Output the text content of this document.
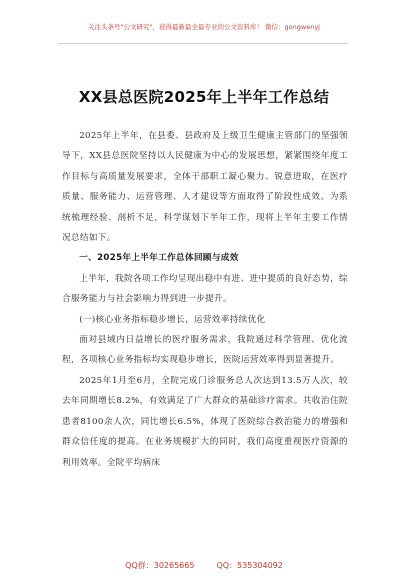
关注头条号"公文研究"，获得最新最全最专业的公文资料库！ 微信：gongwenyj
XX县总医院2025年上半年工作总结

2025年上半年，在县委、县政府及上级卫生健康主管部门的坚强领导下，XX县总医院坚持以人民健康为中心的发展思想，紧紧围绕年度工作目标与高质量发展要求，全体干部职工凝心聚力、锐意进取，在医疗质量、服务能力、运营管理、人才建设等方面取得了阶段性成效。为系统梳理经验、剖析不足，科学谋划下半年工作，现将上半年主要工作情况总结如下。

一、2025年上半年工作总体回顾与成效

上半年，我院各项工作均呈现出稳中有进、进中提质的良好态势，综合服务能力与社会影响力得到进一步提升。

(一)核心业务指标稳步增长，运营效率持续优化

面对县域内日益增长的医疗服务需求，我院通过科学管理、优化流程，各项核心业务指标均实现稳步增长，医院运营效率得到显著提升。

2025年1月至6月，全院完成门诊服务总人次达到13.5万人次，较去年同期增长8.2%，有效满足了广大群众的基础诊疗需求。共收治住院患者8100余人次，同比增长6.5%，体现了医院综合救治能力的增强和群众信任度的提高。在业务规模扩大的同时，我们高度重视医疗资源的利用效率。全院平均病床

QQ群：30265665	QQ：535304092
